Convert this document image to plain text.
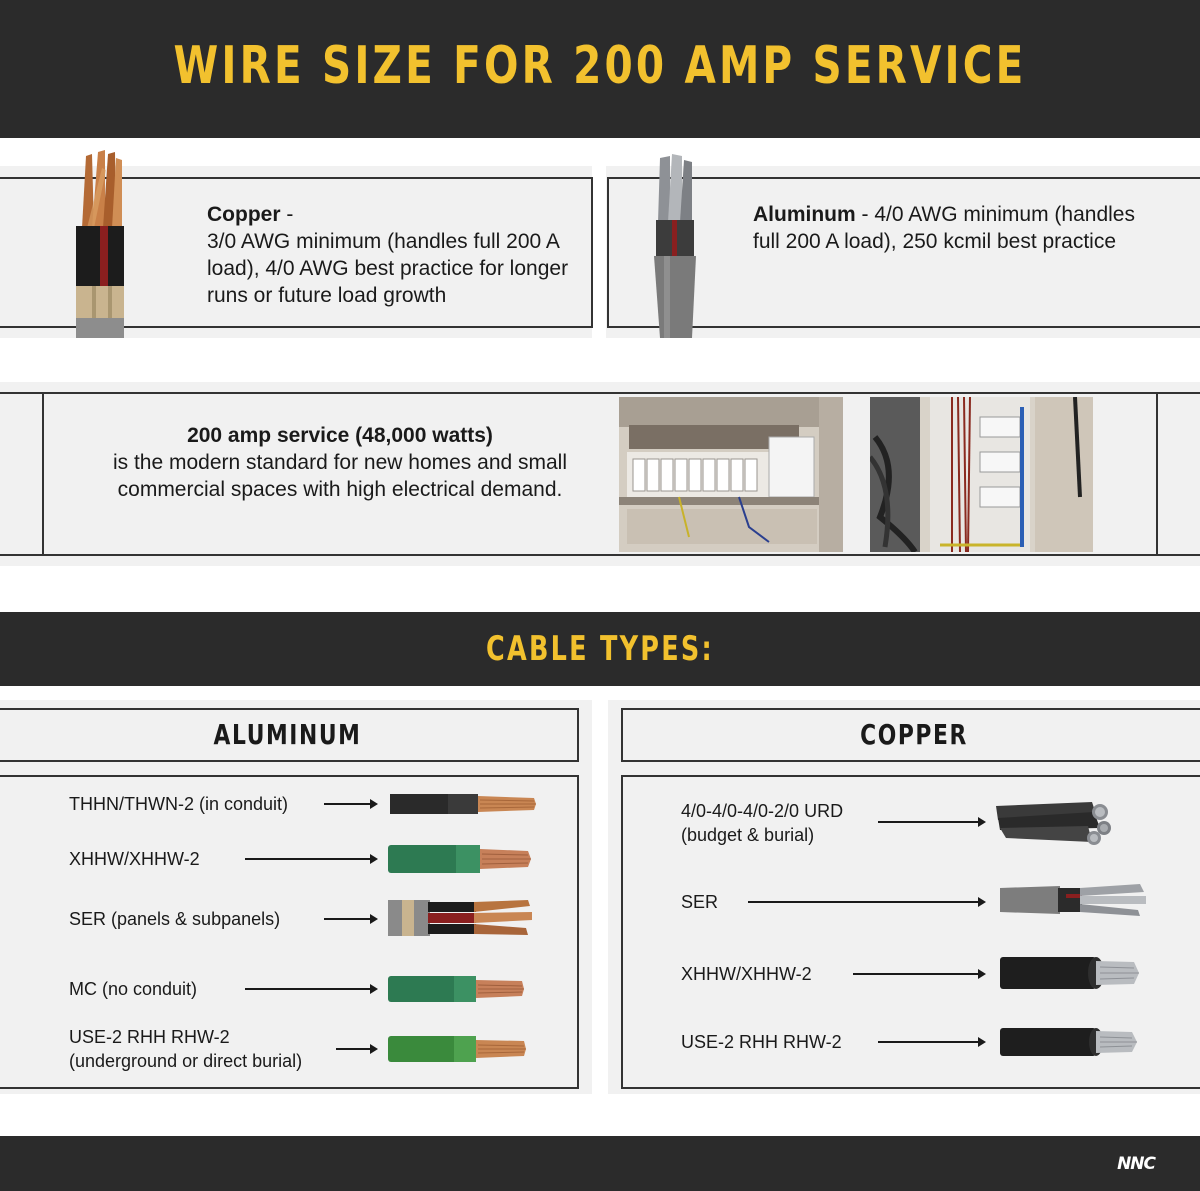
WIRE SIZE FOR 200 AMP SERVICE
Copper -
3/0 AWG minimum (handles full 200 A load), 4/0 AWG best practice for longer runs or future load growth
Aluminum - 4/0 AWG minimum (handles full 200 A load), 250 kcmil best practice
200 amp service (48,000 watts)
is the modern standard for new homes and small commercial spaces with high electrical demand.
CABLE TYPES:
ALUMINUM	COPPER
THHN/THWN-2 (in conduit)
XHHW/XHHW-2
SER (panels & subpanels)
MC (no conduit)
USE-2 RHH RHW-2
(underground or direct burial)
4/0-4/0-4/0-2/0 URD
(budget & burial)
SER
XHHW/XHHW-2
USE-2 RHH RHW-2
NNC
